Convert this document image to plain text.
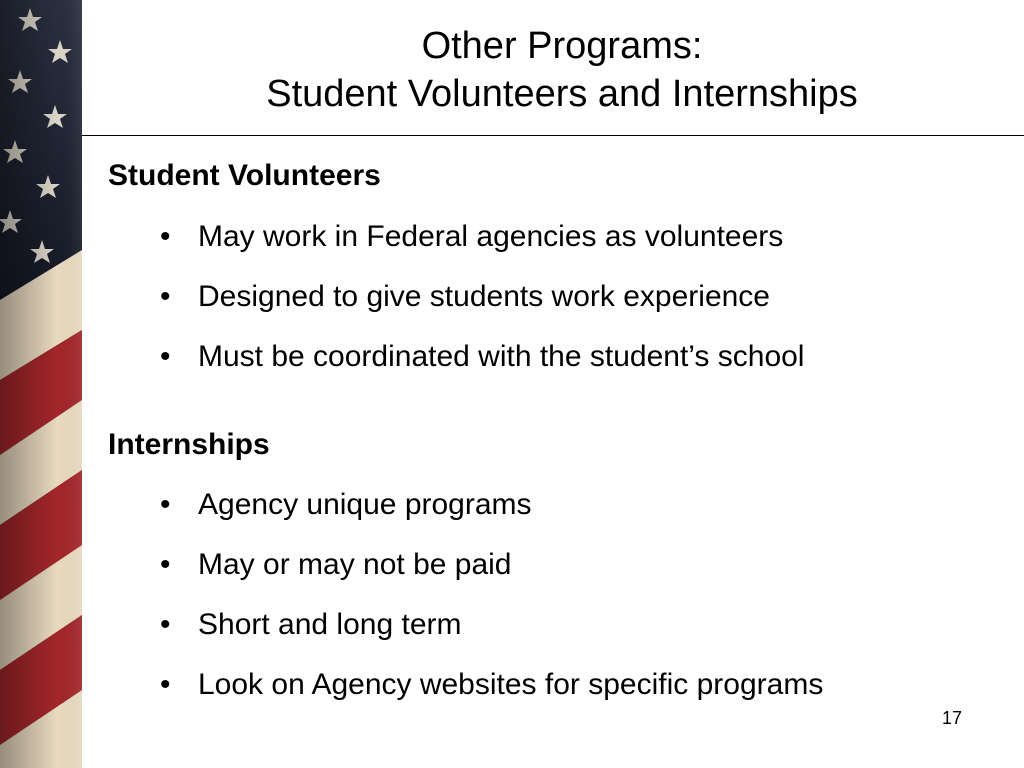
Other Programs:
Student Volunteers and Internships
Student Volunteers
• May work in Federal agencies as volunteers
• Designed to give students work experience
• Must be coordinated with the student’s school
Internships
• Agency unique programs
• May or may not be paid
• Short and long term
• Look on Agency websites for specific programs
17
